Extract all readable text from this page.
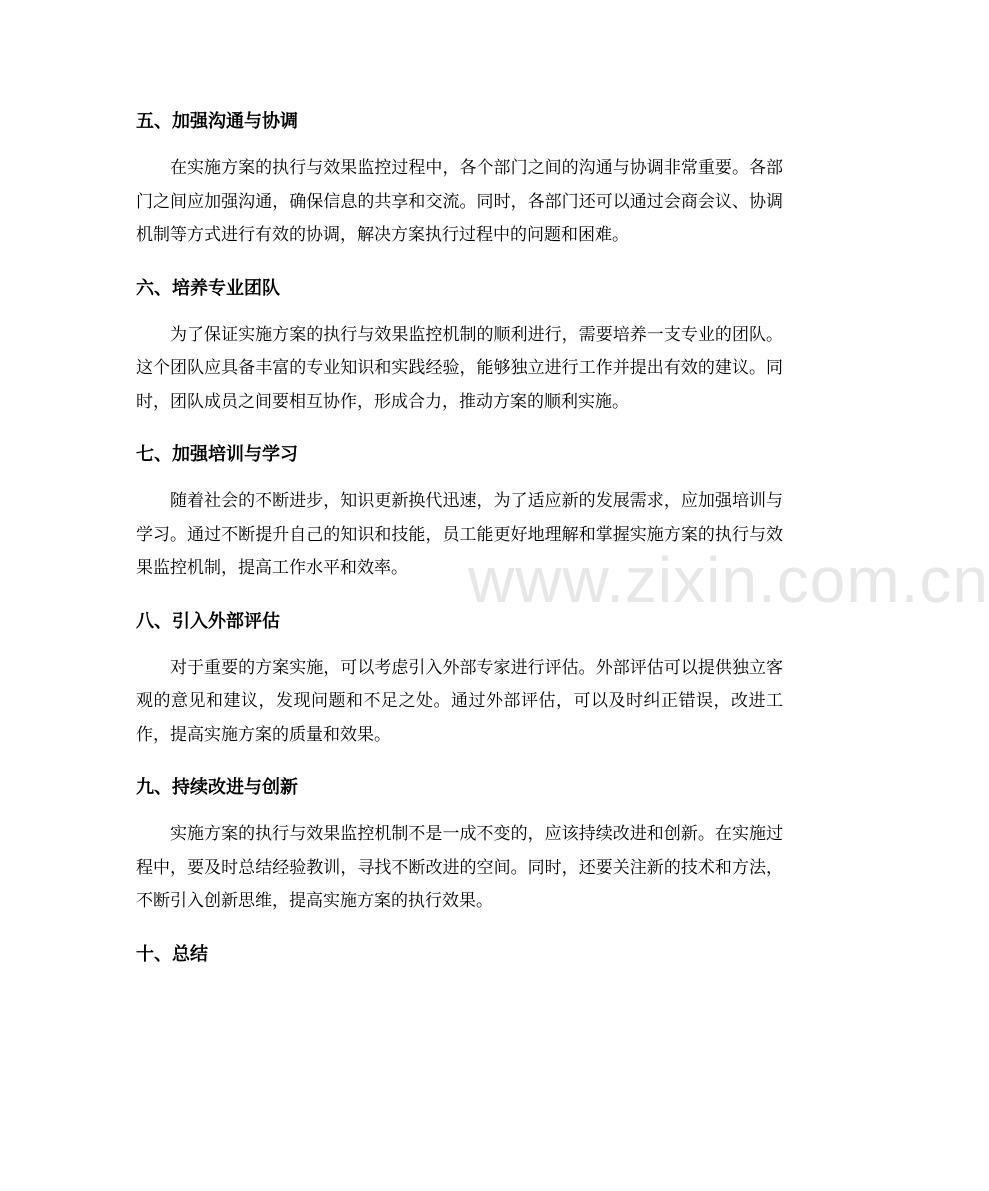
www.zixin.com.cn
五、加强沟通与协调

在实施方案的执行与效果监控过程中，各个部门之间的沟通与协调非常重要。各部门之间应加强沟通，确保信息的共享和交流。同时，各部门还可以通过会商会议、协调机制等方式进行有效的协调，解决方案执行过程中的问题和困难。

六、培养专业团队

为了保证实施方案的执行与效果监控机制的顺利进行，需要培养一支专业的团队。这个团队应具备丰富的专业知识和实践经验，能够独立进行工作并提出有效的建议。同时，团队成员之间要相互协作，形成合力，推动方案的顺利实施。

七、加强培训与学习

随着社会的不断进步，知识更新换代迅速，为了适应新的发展需求，应加强培训与学习。通过不断提升自己的知识和技能，员工能更好地理解和掌握实施方案的执行与效果监控机制，提高工作水平和效率。

八、引入外部评估

对于重要的方案实施，可以考虑引入外部专家进行评估。外部评估可以提供独立客观的意见和建议，发现问题和不足之处。通过外部评估，可以及时纠正错误，改进工作，提高实施方案的质量和效果。

九、持续改进与创新

实施方案的执行与效果监控机制不是一成不变的，应该持续改进和创新。在实施过程中，要及时总结经验教训，寻找不断改进的空间。同时，还要关注新的技术和方法，不断引入创新思维，提高实施方案的执行效果。

十、总结
